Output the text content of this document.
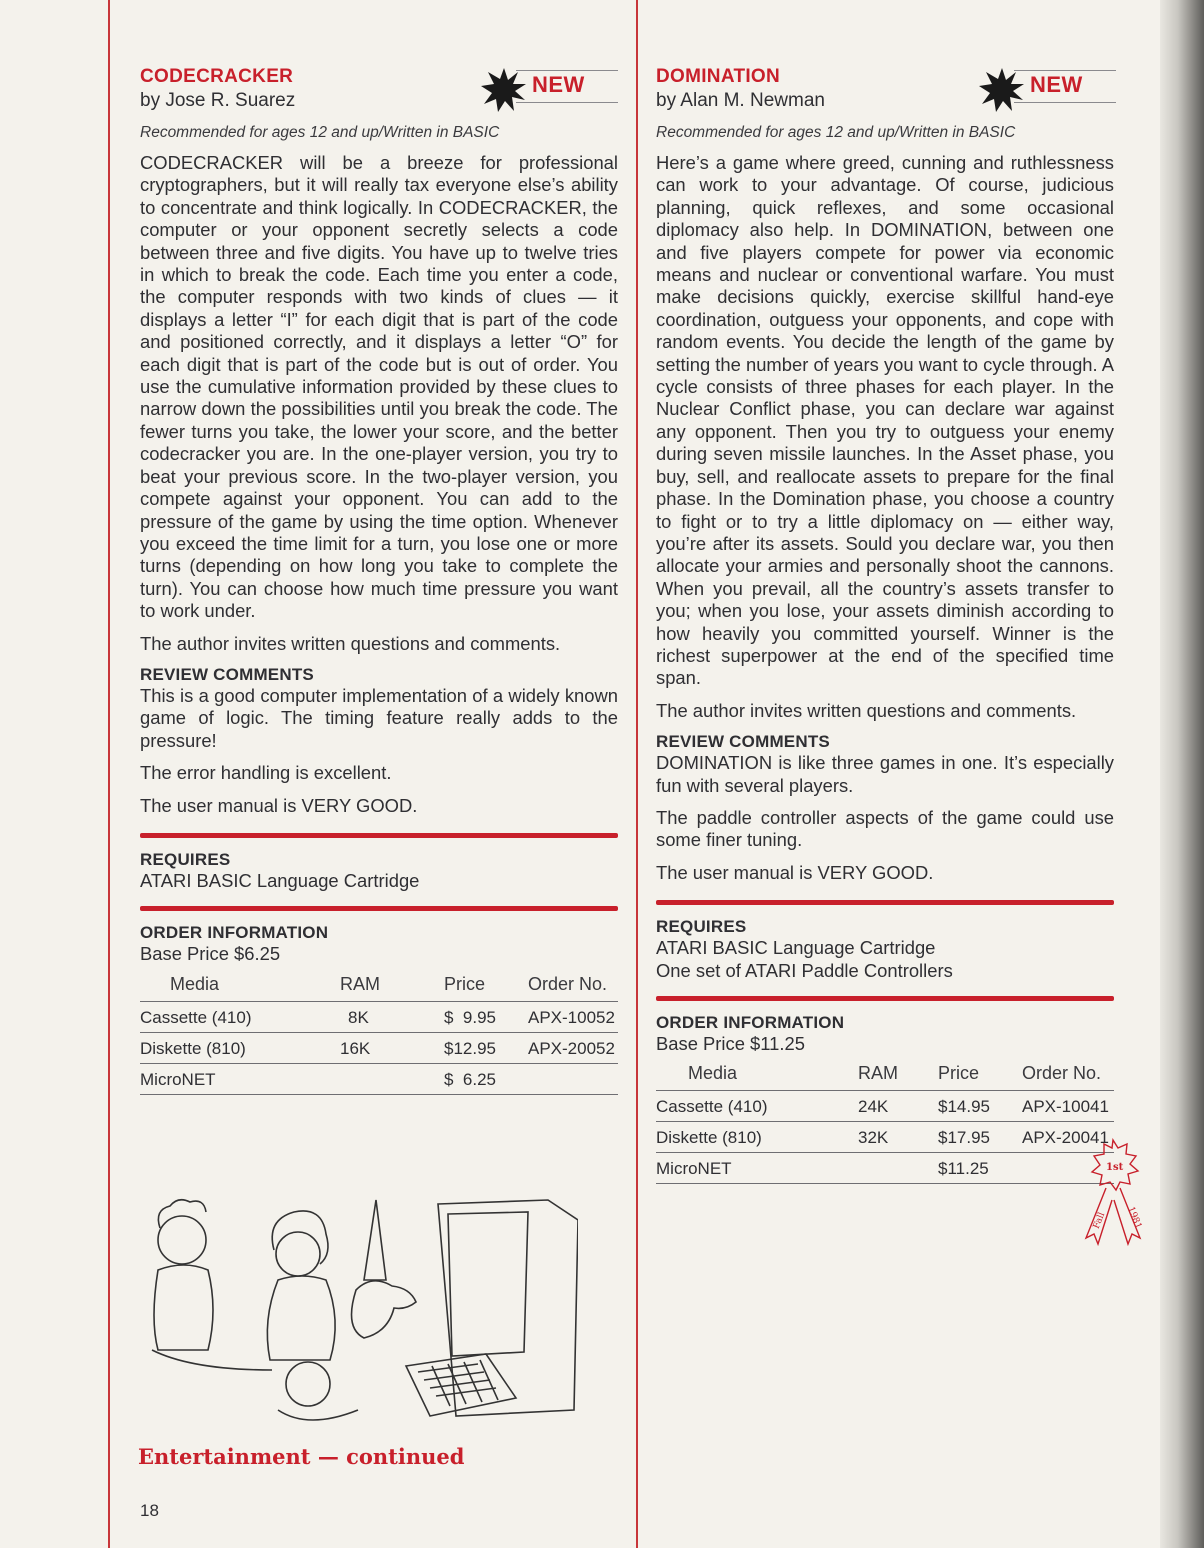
NEW

CODECRACKER

by Jose R. Suarez

Recommended for ages 12 and up/Written in BASIC

CODECRACKER will be a breeze for professional cryptographers, but it will really tax everyone else’s ability to concentrate and think logically. In CODECRACKER, the computer or your opponent secretly selects a code between three and five digits. You have up to twelve tries in which to break the code. Each time you enter a code, the computer responds with two kinds of clues — it displays a letter “I” for each digit that is part of the code and positioned correctly, and it displays a letter “O” for each digit that is part of the code but is out of order. You use the cumulative information provided by these clues to narrow down the possibilities until you break the code. The fewer turns you take, the lower your score, and the better codecracker you are. In the one-player version, you try to beat your previous score. In the two-player version, you compete against your opponent. You can add to the pressure of the game by using the time option. Whenever you exceed the time limit for a turn, you lose one or more turns (depending on how long you take to complete the turn). You can choose how much time pressure you want to work under.

The author invites written questions and comments.

REVIEW COMMENTS

This is a good computer implementation of a widely known game of logic. The timing feature really adds to the pressure!

The error handling is excellent.

The user manual is VERY GOOD.

REQUIRES

ATARI BASIC Language Cartridge

ORDER INFORMATION

Base Price $6.25

Media	RAM	Price	Order No.
Cassette (410)	8K	$  9.95	APX-10052
Diskette (810)	16K	$12.95	APX-20052
MicroNET		$  6.25	
NEW

DOMINATION

by Alan M. Newman

Recommended for ages 12 and up/Written in BASIC

Here’s a game where greed, cunning and ruthlessness can work to your advantage. Of course, judicious planning, quick reflexes, and some occasional diplomacy also help. In DOMINATION, between one and five players compete for power via economic means and nuclear or conventional warfare. You must make decisions quickly, exercise skillful hand-eye coordination, outguess your opponents, and cope with random events. You decide the length of the game by setting the number of years you want to cycle through. A cycle consists of three phases for each player. In the Nuclear Conflict phase, you can declare war against any opponent. Then you try to outguess your enemy during seven missile launches. In the Asset phase, you buy, sell, and reallocate assets to prepare for the final phase. In the Domination phase, you choose a country to fight or to try a little diplomacy on — either way, you’re after its assets. Sould you declare war, you then allocate your armies and personally shoot the cannons. When you prevail, all the country’s assets transfer to you; when you lose, your assets diminish according to how heavily you committed yourself. Winner is the richest superpower at the end of the specified time span.

The author invites written questions and comments.

REVIEW COMMENTS

DOMINATION is like three games in one. It’s especially fun with several players.

The paddle controller aspects of the game could use some finer tuning.

The user manual is VERY GOOD.

REQUIRES

ATARI BASIC Language Cartridge

One set of ATARI Paddle Controllers

ORDER INFORMATION

Base Price $11.25

Media	RAM	Price	Order No.
Cassette (410)	24K	$14.95	APX-10041
Diskette (810)	32K	$17.95	APX-20041
MicroNET		$11.25		1st
Fall 1981
Entertainment — continued
18
